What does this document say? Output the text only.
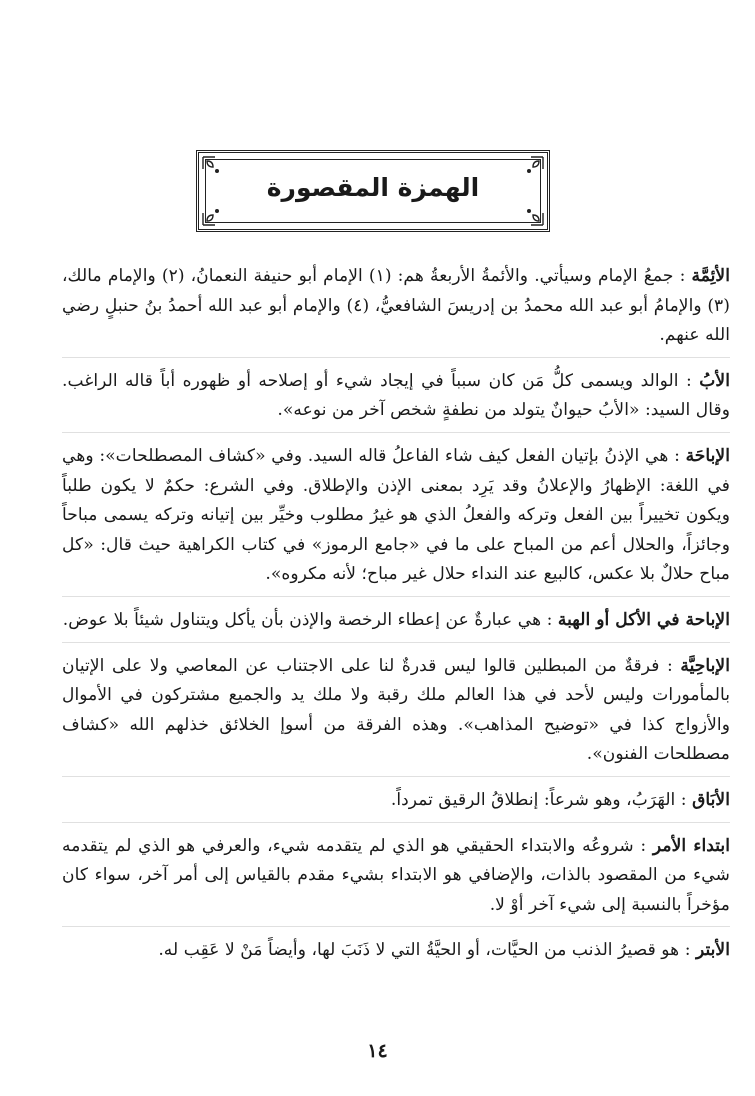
الهمزة المقصورة

الأئِمَّة : جمعُ الإمام وسيأتي. والأئمةُ الأربعةُ هم: (١) الإمام أبو حنيفة النعمانُ، (٢) والإمام مالك، (٣) والإمامُ أبو عبد الله محمدُ بن إدريسَ الشافعيُّ، (٤) والإمام أبو عبد الله أحمدُ بنُ حنبلٍ رضي الله عنهم.

الأبُ : الوالد ويسمى كلُّ مَن كان سبباً في إيجاد شيء أو إصلاحه أو ظهوره أباً قاله الراغب. وقال السيد: «الأبُ حيوانٌ يتولد من نطفةٍ شخص آخر من نوعه».

الإباحَة : هي الإذنُ بإتيان الفعل كيف شاء الفاعلُ قاله السيد. وفي «كشاف المصطلحات»: وهي في اللغة: الإظهارُ والإعلانُ وقد يَرِد بمعنى الإذن والإطلاق. وفي الشرع: حكمٌ لا يكون طلباً ويكون تخييراً بين الفعل وتركه والفعلُ الذي هو غيرُ مطلوب وخيِّر بين إتيانه وتركه يسمى مباحاً وجائزاً، والحلال أعم من المباح على ما في «جامع الرموز» في كتاب الكراهية حيث قال: «كل مباح حلالٌ بلا عكس، كالبيع عند النداء حلال غير مباح؛ لأنه مكروه».

الإباحة في الأكل أو الهبة : هي عبارةٌ عن إعطاء الرخصة والإذن بأن يأكل ويتناول شيئاً بلا عوض.

الإباحِيَّة : فرقةٌ من المبطلين قالوا ليس قدرةٌ لنا على الاجتناب عن المعاصي ولا على الإتيان بالمأمورات وليس لأحد في هذا العالم ملك رقبة ولا ملك يد والجميع مشتركون في الأموال والأزواج كذا في «توضيح المذاهب». وهذه الفرقة من أسوإ الخلائق خذلهم الله «كشاف مصطلحات الفنون».

الأبَاق : الهَرَبُ، وهو شرعاً: إنطلاقُ الرقيق تمرداً.

ابتداء الأمر : شروعُه والابتداء الحقيقي هو الذي لم يتقدمه شيء، والعرفي هو الذي لم يتقدمه شيء من المقصود بالذات، والإضافي هو الابتداء بشيء مقدم بالقياس إلى أمر آخر، سواء كان مؤخراً بالنسبة إلى شيء آخر أوْ لا.

الأبتر : هو قصيرُ الذنب من الحيَّات، أو الحيَّةُ التي لا ذَنَبَ لها، وأيضاً مَنْ لا عَقِب له.

١٤
